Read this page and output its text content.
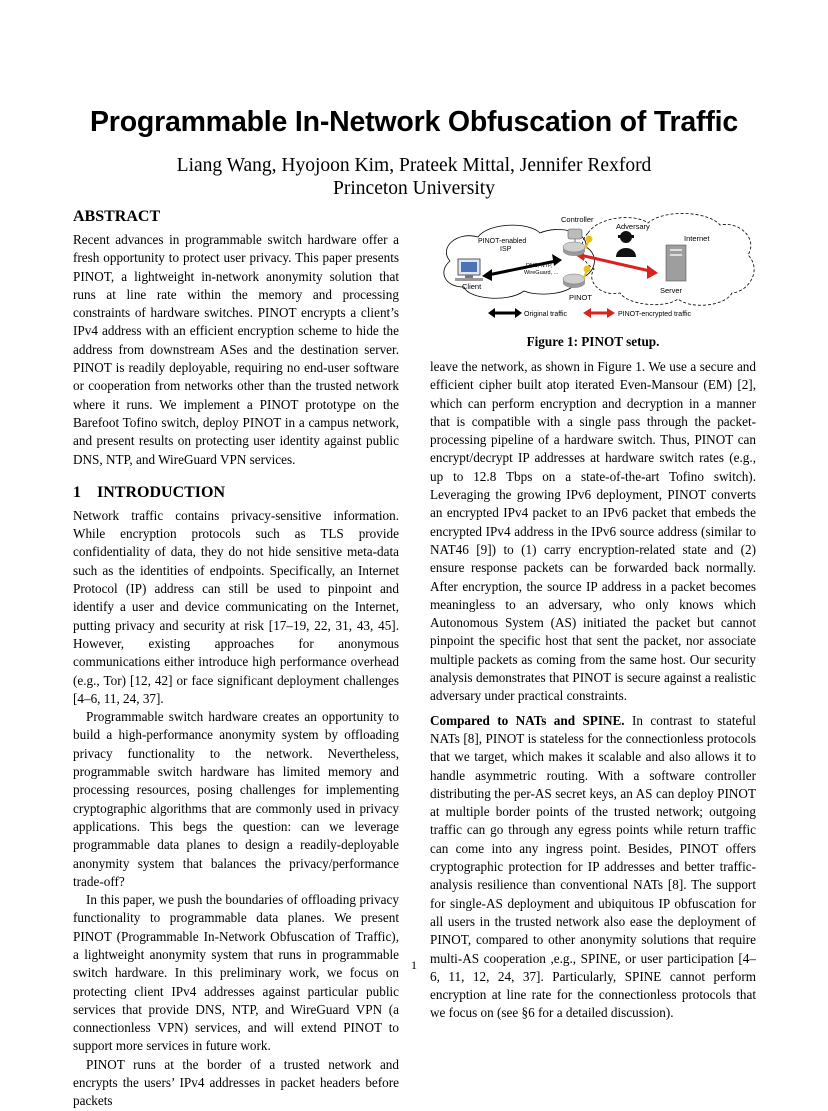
Programmable In-Network Obfuscation of Traffic
Liang Wang, Hyojoon Kim, Prateek Mittal, Jennifer Rexford
Princeton University
ABSTRACT

Recent advances in programmable switch hardware offer a fresh opportunity to protect user privacy. This paper presents PINOT, a lightweight in-network anonymity solution that runs at line rate within the memory and processing constraints of hardware switches. PINOT encrypts a client’s IPv4 address with an efficient encryption scheme to hide the address from downstream ASes and the destination server. PINOT is readily deployable, requiring no end-user software or cooperation from networks other than the trusted network where it runs. We implement a PINOT prototype on the Barefoot Tofino switch, deploy PINOT in a campus network, and present results on protecting user identity against public DNS, NTP, and WireGuard VPN services.

1 INTRODUCTION

Network traffic contains privacy-sensitive information. While encryption protocols such as TLS provide confidentiality of data, they do not hide sensitive meta-data such as the identities of endpoints. Specifically, an Internet Protocol (IP) address can still be used to pinpoint and identify a user and device communicating on the Internet, putting privacy and security at risk [17–19, 22, 31, 43, 45]. However, existing approaches for anonymous communications either introduce high performance overhead (e.g., Tor) [12, 42] or face significant deployment challenges [4–6, 11, 24, 37].

Programmable switch hardware creates an opportunity to build a high-performance anonymity system by offloading privacy functionality to the network. Nevertheless, programmable switch hardware has limited memory and processing resources, posing challenges for implementing cryptographic algorithms that are commonly used in privacy applications. This begs the question: can we leverage programmable data planes to design a readily-deployable anonymity system that balances the privacy/performance trade-off?

In this paper, we push the boundaries of offloading privacy functionality to programmable data planes. We present PINOT (Programmable In-Network Obfuscation of Traffic), a lightweight anonymity system that runs in programmable switch hardware. In this preliminary work, we focus on protecting client IPv4 addresses against particular public services that provide DNS, NTP, and WireGuard VPN (a connectionless VPN) services, and will extend PINOT to support more services in future work.

PINOT runs at the border of a trusted network and encrypts the users’ IPv4 addresses in packet headers before packets

Controller
Adversary
PINOT-enabled
ISP
Internet
DNS, NTP,
WireGuard, ...
Client	Server
PINOT
Original traffic	PINOT-encrypted traffic
Figure 1: PINOT setup.

leave the network, as shown in Figure 1. We use a secure and efficient cipher built atop iterated Even-Mansour (EM) [2], which can perform encryption and decryption in a manner that is compatible with a single pass through the packet-processing pipeline of a hardware switch. Thus, PINOT can encrypt/decrypt IP addresses at hardware switch rates (e.g., up to 12.8 Tbps on a state-of-the-art Tofino switch). Leveraging the growing IPv6 deployment, PINOT converts an encrypted IPv4 packet to an IPv6 packet that embeds the encrypted IPv4 address in the IPv6 source address (similar to NAT46 [9]) to (1) carry encryption-related state and (2) ensure response packets can be forwarded back normally. After encryption, the source IP address in a packet becomes meaningless to an adversary, who only knows which Autonomous System (AS) initiated the packet but cannot pinpoint the specific host that sent the packet, nor associate multiple packets as coming from the same host. Our security analysis demonstrates that PINOT is secure against a realistic adversary under practical constraints.

Compared to NATs and SPINE. In contrast to stateful NATs [8], PINOT is stateless for the connectionless protocols that we target, which makes it scalable and also allows it to handle asymmetric routing. With a software controller distributing the per-AS secret keys, an AS can deploy PINOT at multiple border points of the trusted network; outgoing traffic can go through any egress points while return traffic can come into any ingress point. Besides, PINOT offers cryptographic protection for IP addresses and better traffic-analysis resilience than conventional NATs [8]. The support for single-AS deployment and ubiquitous IP obfuscation for all users in the trusted network also ease the deployment of PINOT, compared to other anonymity solutions that require multi-AS cooperation ,e.g., SPINE, or user participation [4–6, 11, 12, 24, 37]. Particularly, SPINE cannot perform encryption at line rate for the connectionless protocols that we focus on (see §6 for a detailed discussion).

1
